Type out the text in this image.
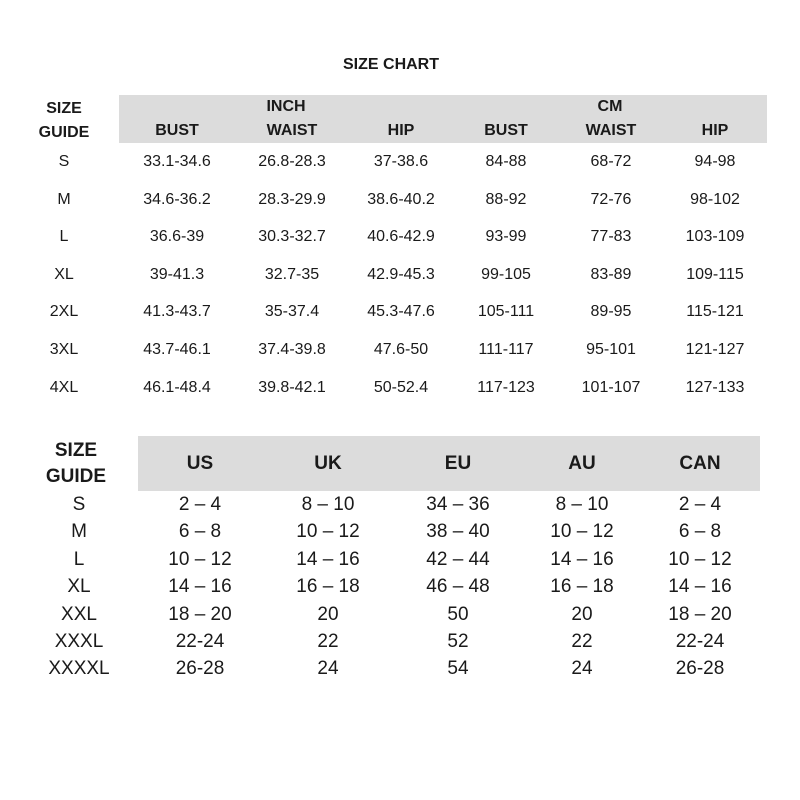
SIZE CHART
SIZE
GUIDE
INCH	CM
BUST	WAIST	HIP	BUST	WAIST	HIP
S	33.1-34.6	26.8-28.3	37-38.6	84-88	68-72	94-98
M	34.6-36.2	28.3-29.9	38.6-40.2	88-92	72-76	98-102
L	36.6-39	30.3-32.7	40.6-42.9	93-99	77-83	103-109
XL	39-41.3	32.7-35	42.9-45.3	99-105	83-89	109-115
2XL	41.3-43.7	35-37.4	45.3-47.6	105-111	89-95	115-121
3XL	43.7-46.1	37.4-39.8	47.6-50	111-117	95-101	121-127
4XL	46.1-48.4	39.8-42.1	50-52.4	117-123	101-107	127-133
SIZE
GUIDE
US	UK	EU	AU	CAN
S	2 – 4	8 – 10	34 – 36	8 – 10	2 – 4
M	6 – 8	10 – 12	38 – 40	10 – 12	6 – 8
L	10 – 12	14 – 16	42 – 44	14 – 16	10 – 12
XL	14 – 16	16 – 18	46 – 48	16 – 18	14 – 16
XXL	18 – 20	20	50	20	18 – 20
XXXL	22-24	22	52	22	22-24
XXXXL	26-28	24	54	24	26-28
